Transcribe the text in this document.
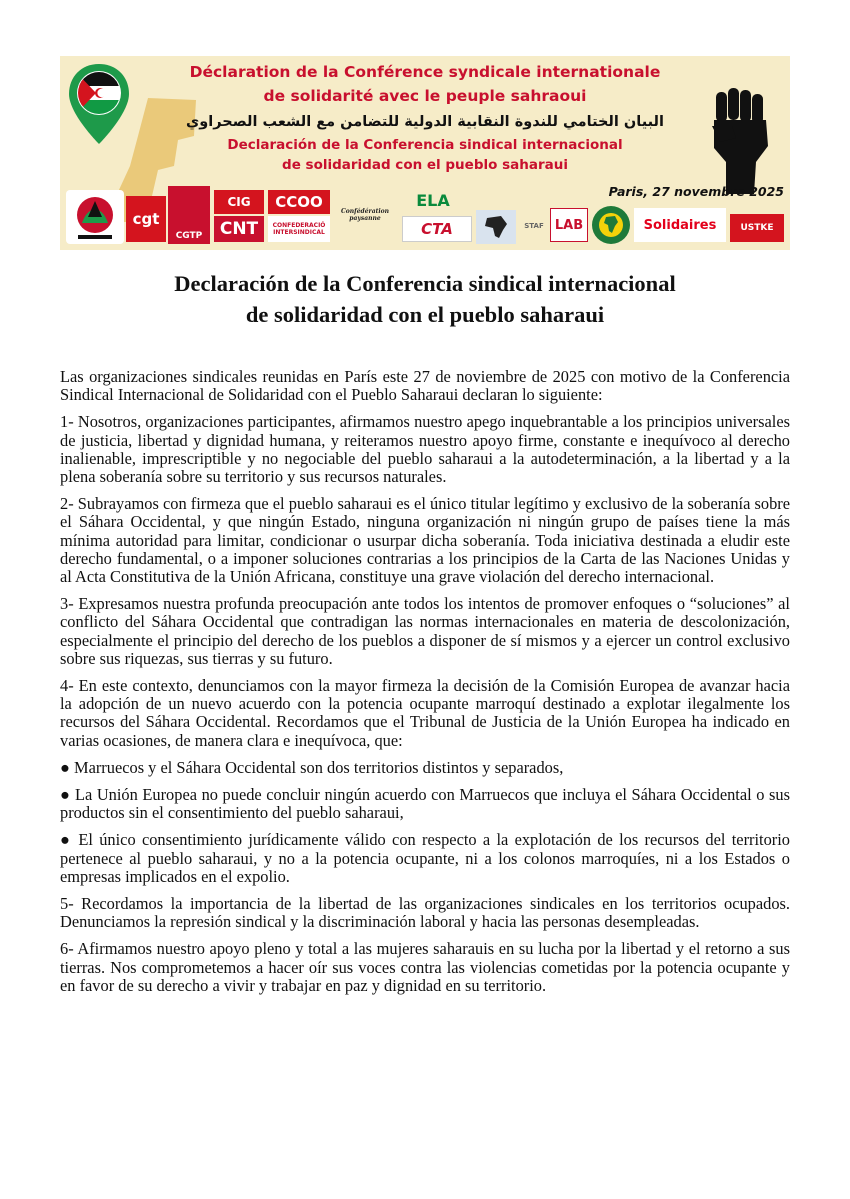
Déclaration de la Conférence syndicale internationale

de solidarité avec le peuple sahraoui

البيان الختامي للندوة النقابية الدولية للتضامن مع الشعب الصحراوي

Declaración de la Conferencia sindical internacional

de solidaridad con el pueblo saharaui

Paris, 27 novembre 2025

cgt
CGTP
CIG
CNT
CCOO
CONFEDERACIÓ INTERSINDICAL
Confédération paysanne
ELA
CTA	STAF LAB	Solidaires	USTKE
Declaración de la Conferencia sindical internacional
de solidaridad con el pueblo saharaui

Las organizaciones sindicales reunidas en París este 27 de noviembre de 2025 con motivo de la Conferencia Sindical Internacional de Solidaridad con el Pueblo Saharaui declaran lo siguiente:

1- Nosotros, organizaciones participantes, afirmamos nuestro apego inquebrantable a los principios universales de justicia, libertad y dignidad humana, y reiteramos nuestro apoyo firme, constante e inequívoco al derecho inalienable, imprescriptible y no negociable del pueblo saharaui a la autodeterminación, a la libertad y a la plena soberanía sobre su territorio y sus recursos naturales.

2- Subrayamos con firmeza que el pueblo saharaui es el único titular legítimo y exclusivo de la soberanía sobre el Sáhara Occidental, y que ningún Estado, ninguna organización ni ningún grupo de países tiene la más mínima autoridad para limitar, condicionar o usurpar dicha soberanía. Toda iniciativa destinada a eludir este derecho fundamental, o a imponer soluciones contrarias a los principios de la Carta de las Naciones Unidas y al Acta Constitutiva de la Unión Africana, constituye una grave violación del derecho internacional.

3- Expresamos nuestra profunda preocupación ante todos los intentos de promover enfoques o “soluciones” al conflicto del Sáhara Occidental que contradigan las normas internacionales en materia de descolonización, especialmente el principio del derecho de los pueblos a disponer de sí mismos y a ejercer un control exclusivo sobre sus riquezas, sus tierras y su futuro.

4- En este contexto, denunciamos con la mayor firmeza la decisión de la Comisión Europea de avanzar hacia la adopción de un nuevo acuerdo con la potencia ocupante marroquí destinado a explotar ilegalmente los recursos del Sáhara Occidental. Recordamos que el Tribunal de Justicia de la Unión Europea ha indicado en varias ocasiones, de manera clara e inequívoca, que:

● Marruecos y el Sáhara Occidental son dos territorios distintos y separados,

● La Unión Europea no puede concluir ningún acuerdo con Marruecos que incluya el Sáhara Occidental o sus productos sin el consentimiento del pueblo saharaui,

● El único consentimiento jurídicamente válido con respecto a la explotación de los recursos del territorio pertenece al pueblo saharaui, y no a la potencia ocupante, ni a los colonos marroquíes, ni a los Estados o empresas implicados en el expolio.

5- Recordamos la importancia de la libertad de las organizaciones sindicales en los territorios ocupados. Denunciamos la represión sindical y la discriminación laboral y hacia las personas desempleadas.

6- Afirmamos nuestro apoyo pleno y total a las mujeres saharauis en su lucha por la libertad y el retorno a sus tierras. Nos comprometemos a hacer oír sus voces contra las violencias cometidas por la potencia ocupante y en favor de su derecho a vivir y trabajar en paz y dignidad en su territorio.
